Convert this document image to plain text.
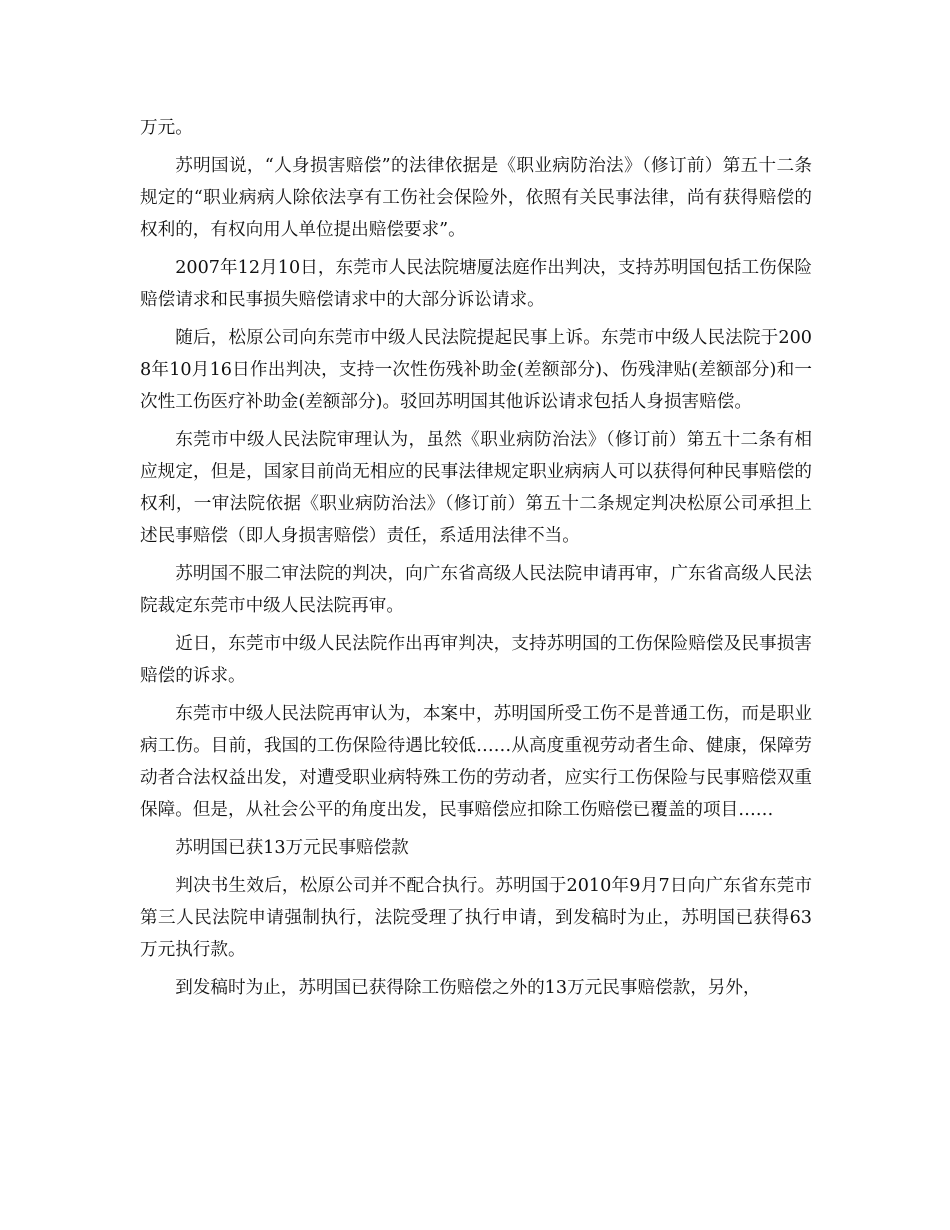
万元。

苏明国说，“人身损害赔偿”的法律依据是《职业病防治法》（修订前）第五十二条规定的“职业病病人除依法享有工伤社会保险外，依照有关民事法律，尚有获得赔偿的权利的，有权向用人单位提出赔偿要求”。

2007年12月10日，东莞市人民法院塘厦法庭作出判决，支持苏明国包括工伤保险赔偿请求和民事损失赔偿请求中的大部分诉讼请求。

随后，松原公司向东莞市中级人民法院提起民事上诉。东莞市中级人民法院于2008年10月16日作出判决，支持一次性伤残补助金(差额部分)、伤残津贴(差额部分)和一次性工伤医疗补助金(差额部分)。驳回苏明国其他诉讼请求包括人身损害赔偿。

东莞市中级人民法院审理认为，虽然《职业病防治法》（修订前）第五十二条有相应规定，但是，国家目前尚无相应的民事法律规定职业病病人可以获得何种民事赔偿的权利，一审法院依据《职业病防治法》（修订前）第五十二条规定判决松原公司承担上述民事赔偿（即人身损害赔偿）责任，系适用法律不当。

苏明国不服二审法院的判决，向广东省高级人民法院申请再审，广东省高级人民法院裁定东莞市中级人民法院再审。

近日，东莞市中级人民法院作出再审判决，支持苏明国的工伤保险赔偿及民事损害赔偿的诉求。

东莞市中级人民法院再审认为，本案中，苏明国所受工伤不是普通工伤，而是职业病工伤。目前，我国的工伤保险待遇比较低……从高度重视劳动者生命、健康，保障劳动者合法权益出发，对遭受职业病特殊工伤的劳动者，应实行工伤保险与民事赔偿双重保障。但是，从社会公平的角度出发，民事赔偿应扣除工伤赔偿已覆盖的项目……

苏明国已获13万元民事赔偿款

判决书生效后，松原公司并不配合执行。苏明国于2010年9月7日向广东省东莞市第三人民法院申请强制执行，法院受理了执行申请，到发稿时为止，苏明国已获得63万元执行款。

到发稿时为止，苏明国已获得除工伤赔偿之外的13万元民事赔偿款，另外，
